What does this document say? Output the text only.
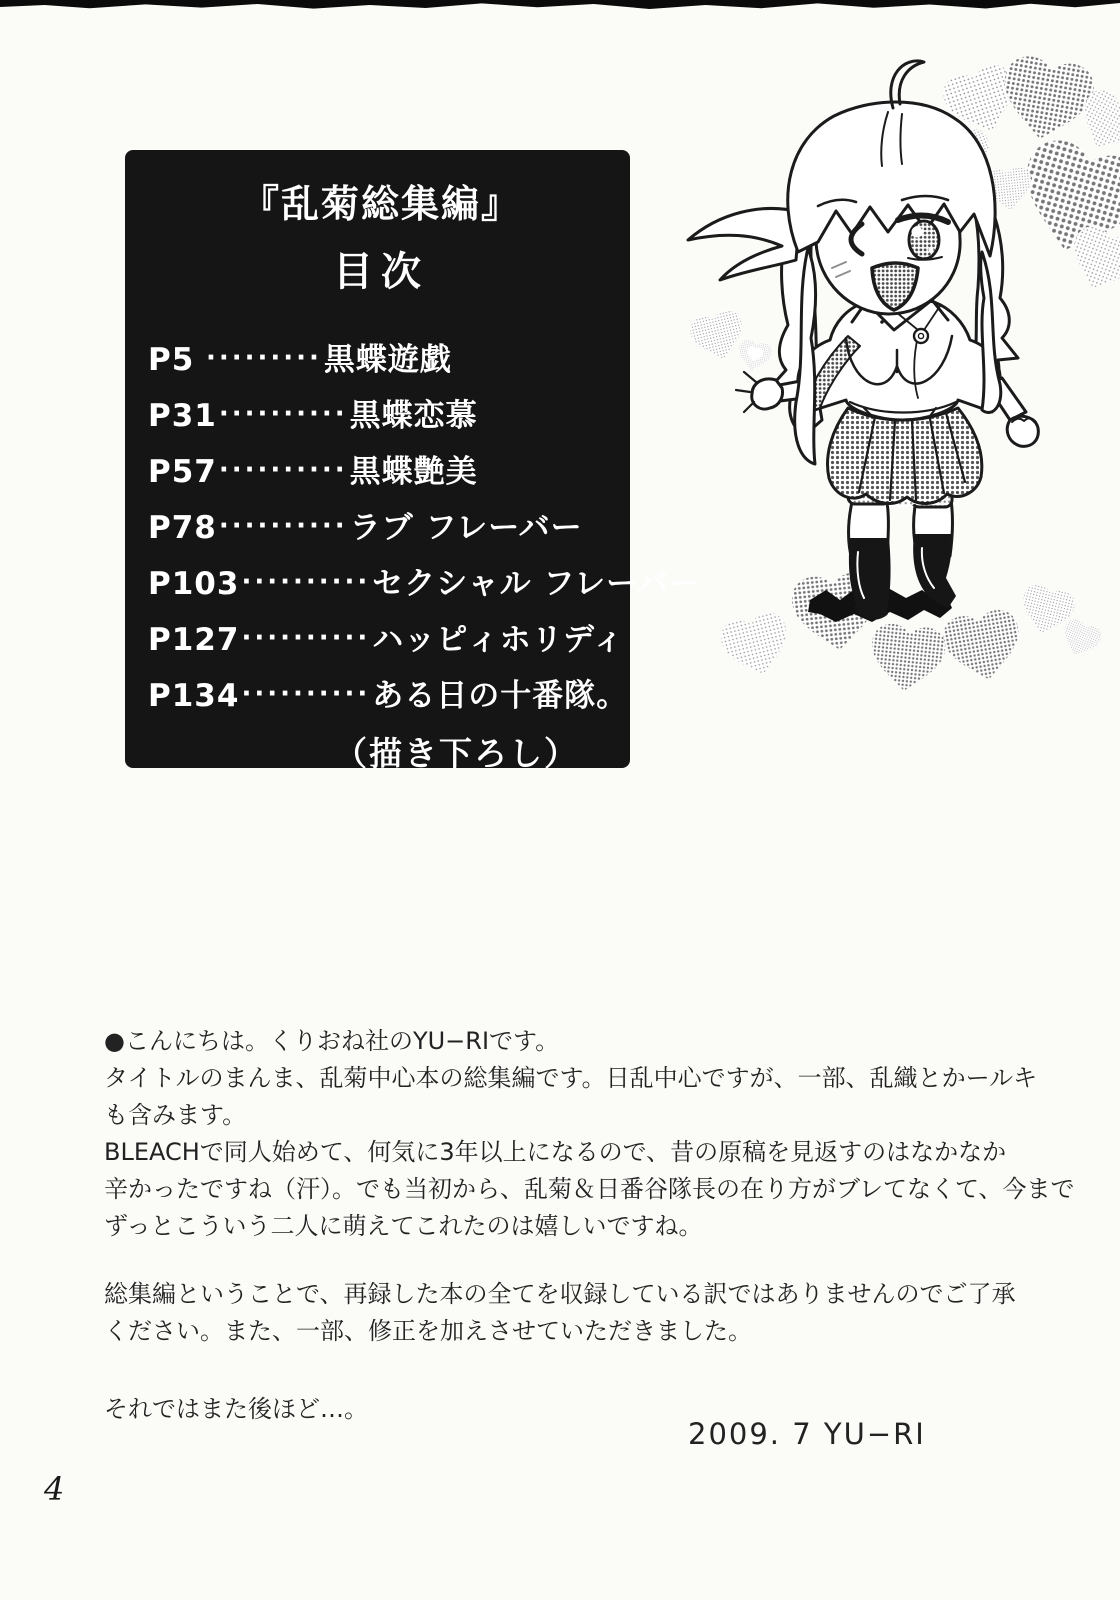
『乱菊総集編』
目次
P5 ·········黒蝶遊戯
P31··········黒蝶恋慕
P57··········黒蝶艶美
P78··········ラブ フレーバー
P103··········セクシャル フレーバー
P127··········ハッピィホリディ
P134··········ある日の十番隊。
（描き下ろし）
●こんにちは。くりおね社のYU−RIです。
タイトルのまんま、乱菊中心本の総集編です。日乱中心ですが、一部、乱織とかールキ
も含みます。
BLEACHで同人始めて、何気に3年以上になるので、昔の原稿を見返すのはなかなか
辛かったですね（汗）。でも当初から、乱菊＆日番谷隊長の在り方がブレてなくて、今まで
ずっとこういう二人に萌えてこれたのは嬉しいですね。
総集編ということで、再録した本の全てを収録している訳ではありませんのでご了承
ください。また、一部、修正を加えさせていただきました。
それではまた後ほど…。
2009. 7 YU−RI
4
